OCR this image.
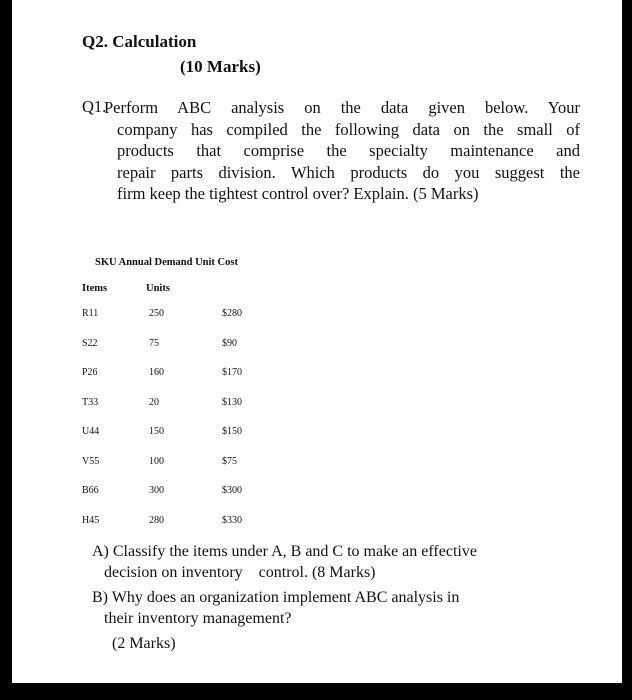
Q2. Calculation
(10 Marks)
Q1.
Perform ABC analysis on the data given below. Your
company has compiled the following data on the small of
products that comprise the specialty maintenance and
repair parts division. Which products do you suggest the
firm keep the tightest control over? Explain. (5 Marks)
SKU Annual Demand Unit Cost
Items	Units
R11	250	$280
S22	75	$90
P26	160	$170
T33	20	$130
U44	150	$150
V55	100	$75
B66	300	$300
H45	280	$330
A) Classify the items under A, B and C to make an effective
decision on inventory    control. (8 Marks)
B) Why does an organization implement ABC analysis in
their inventory management?
(2 Marks)
